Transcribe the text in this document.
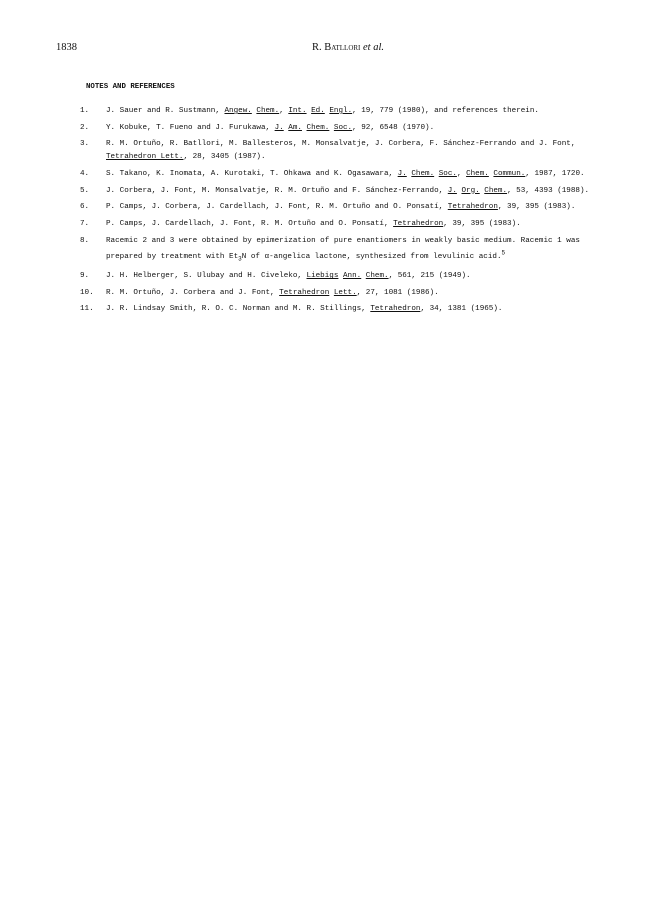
1838	R. Batllori et al.
NOTES AND REFERENCES
1. J. Sauer and R. Sustmann, Angew. Chem., Int. Ed. Engl., 19, 779 (1980), and references therein.
2. Y. Kobuke, T. Fueno and J. Furukawa, J. Am. Chem. Soc., 92, 6548 (1970).
3. R. M. Ortuño, R. Batllori, M. Ballesteros, M. Monsalvatje, J. Corbera, F. Sánchez-Ferrando and J. Font, Tetrahedron Lett., 28, 3405 (1987).
4. S. Takano, K. Inomata, A. Kurotaki, T. Ohkawa and K. Ogasawara, J. Chem. Soc., Chem. Commun., 1987, 1720.
5. J. Corbera, J. Font, M. Monsalvatje, R. M. Ortuño and F. Sánchez-Ferrando, J. Org. Chem., 53, 4393 (1988).
6. P. Camps, J. Corbera, J. Cardellach, J. Font, R. M. Ortuño and O. Ponsatí, Tetrahedron, 39, 395 (1983).
7. P. Camps, J. Cardellach, J. Font, R. M. Ortuño and O. Ponsatí, Tetrahedron, 39, 395 (1983).
8. Racemic 2 and 3 were obtained by epimerization of pure enantiomers in weakly basic medium. Racemic 1 was prepared by treatment with $Et_3N$ of α-angelica lactone, synthesized from levulinic acid.$^5$
9. J. H. Helberger, S. Ulubay and H. Civeleko, Liebigs Ann. Chem., 561, 215 (1949).
10. R. M. Ortuño, J. Corbera and J. Font, Tetrahedron Lett., 27, 1081 (1986).
11. J. R. Lindsay Smith, R. O. C. Norman and M. R. Stillings, Tetrahedron, 34, 1381 (1965).
